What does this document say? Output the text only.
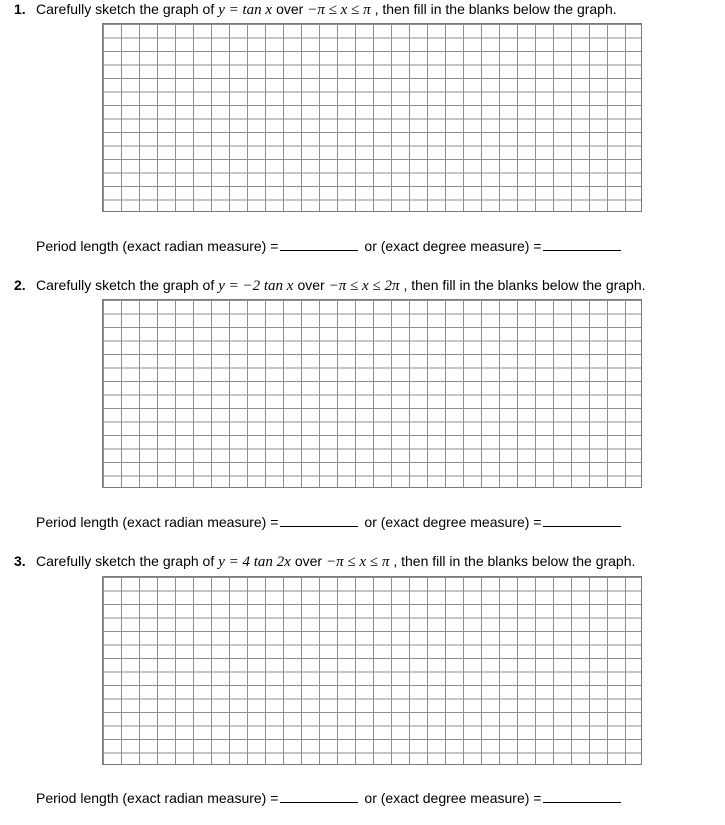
1. Carefully sketch the graph of y = tan x over −π ≤ x ≤ π , then fill in the blanks below the graph.
Period length (exact radian measure) =	or (exact degree measure) =
2. Carefully sketch the graph of y = −2 tan x over −π ≤ x ≤ 2π , then fill in the blanks below the graph.
Period length (exact radian measure) =	or (exact degree measure) =
3. Carefully sketch the graph of y = 4 tan 2x over −π ≤ x ≤ π , then fill in the blanks below the graph.
Period length (exact radian measure) =	or (exact degree measure) =
